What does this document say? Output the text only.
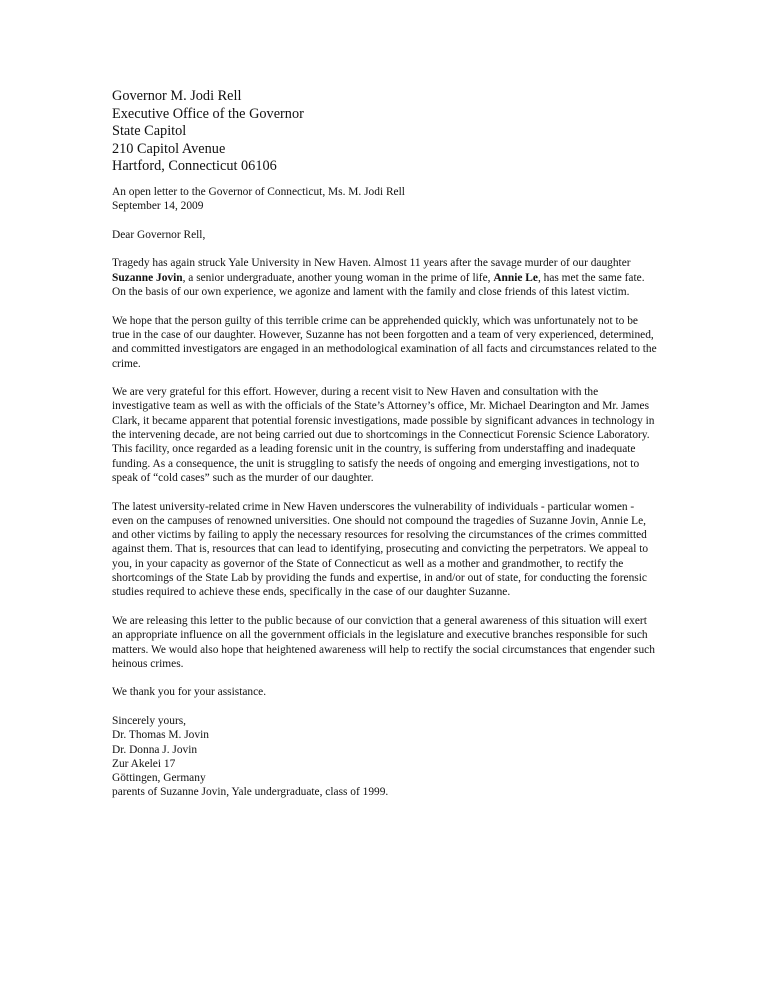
Governor M. Jodi Rell
Executive Office of the Governor
State Capitol
210 Capitol Avenue
Hartford, Connecticut 06106

An open letter to the Governor of Connecticut, Ms. M. Jodi Rell
September 14, 2009

Dear Governor Rell,

Tragedy has again struck Yale University in New Haven. Almost 11 years after the savage murder of our daughter Suzanne Jovin, a senior undergraduate, another young woman in the prime of life, Annie Le, has met the same fate. On the basis of our own experience, we agonize and lament with the family and close friends of this latest victim.

We hope that the person guilty of this terrible crime can be apprehended quickly, which was unfortunately not to be true in the case of our daughter. However, Suzanne has not been forgotten and a team of very experienced, determined, and committed investigators are engaged in an methodological examination of all facts and circumstances related to the crime.

We are very grateful for this effort. However, during a recent visit to New Haven and consultation with the investigative team as well as with the officials of the State’s Attorney’s office, Mr. Michael Dearington and Mr. James Clark, it became apparent that potential forensic investigations, made possible by significant advances in technology in the intervening decade, are not being carried out due to shortcomings in the Connecticut Forensic Science Laboratory. This facility, once regarded as a leading forensic unit in the country, is suffering from understaffing and inadequate funding. As a consequence, the unit is struggling to satisfy the needs of ongoing and emerging investigations, not to speak of “cold cases” such as the murder of our daughter.

The latest university-related crime in New Haven underscores the vulnerability of individuals - particular women - even on the campuses of renowned universities. One should not compound the tragedies of Suzanne Jovin, Annie Le, and other victims by failing to apply the necessary resources for resolving the circumstances of the crimes committed against them. That is, resources that can lead to identifying, prosecuting and convicting the perpetrators. We appeal to you, in your capacity as governor of the State of Connecticut as well as a mother and grandmother, to rectify the shortcomings of the State Lab by providing the funds and expertise, in and/or out of state, for conducting the forensic studies required to achieve these ends, specifically in the case of our daughter Suzanne.

We are releasing this letter to the public because of our conviction that a general awareness of this situation will exert an appropriate influence on all the government officials in the legislature and executive branches responsible for such matters. We would also hope that heightened awareness will help to rectify the social circumstances that engender such heinous crimes.

We thank you for your assistance.

Sincerely yours,
Dr. Thomas M. Jovin
Dr. Donna J. Jovin
Zur Akelei 17
Göttingen, Germany
parents of Suzanne Jovin, Yale undergraduate, class of 1999.
